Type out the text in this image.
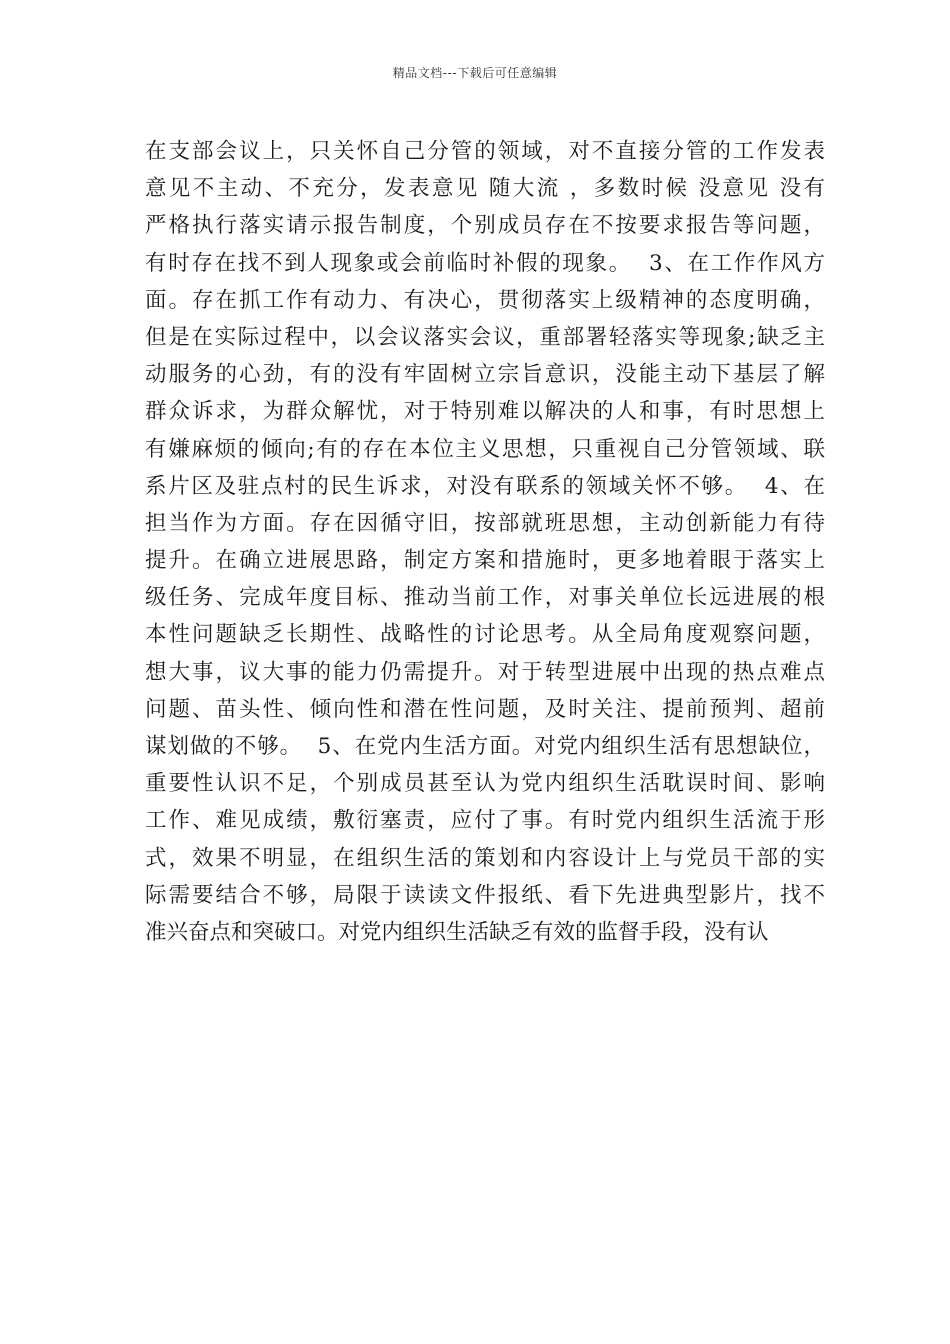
精品文档---下载后可任意编辑
在支部会议上，只关怀自己分管的领域，对不直接分管的工作发表
意见不主动、不充分，发表意见 随大流 ，多数时候 没意见 没有
严格执行落实请示报告制度，个别成员存在不按要求报告等问题，
有时存在找不到人现象或会前临时补假的现象。  3、在工作作风方
面。存在抓工作有动力、有决心，贯彻落实上级精神的态度明确，
但是在实际过程中，以会议落实会议，重部署轻落实等现象;缺乏主
动服务的心劲，有的没有牢固树立宗旨意识，没能主动下基层了解
群众诉求，为群众解忧，对于特别难以解决的人和事，有时思想上
有嫌麻烦的倾向;有的存在本位主义思想，只重视自己分管领域、联
系片区及驻点村的民生诉求，对没有联系的领域关怀不够。  4、在
担当作为方面。存在因循守旧，按部就班思想，主动创新能力有待
提升。在确立进展思路，制定方案和措施时，更多地着眼于落实上
级任务、完成年度目标、推动当前工作，对事关单位长远进展的根
本性问题缺乏长期性、战略性的讨论思考。从全局角度观察问题，
想大事，议大事的能力仍需提升。对于转型进展中出现的热点难点
问题、苗头性、倾向性和潜在性问题，及时关注、提前预判、超前
谋划做的不够。  5、在党内生活方面。对党内组织生活有思想缺位，
重要性认识不足，个别成员甚至认为党内组织生活耽误时间、影响
工作、难见成绩，敷衍塞责，应付了事。有时党内组织生活流于形
式，效果不明显，在组织生活的策划和内容设计上与党员干部的实
际需要结合不够，局限于读读文件报纸、看下先进典型影片，找不
准兴奋点和突破口。对党内组织生活缺乏有效的监督手段，没有认
